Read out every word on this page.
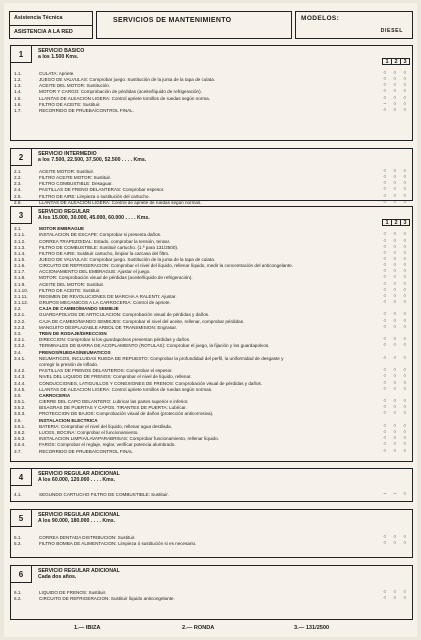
Asistencia Técnica
ASISTENCIA A LA RED
SERVICIOS DE MANTENIMIENTO	MODELOS:
DIESEL
1	SERVICIO BASICO
a los 1.500 Kms.
1	2	3
1.1.	CULATA: Apriete.	○	○	○
1.2.	JUEGO DE VALVULAS: Comprobar juego. Sustitución de la junta de la tapa de culata.	○	○	○
1.3.	ACEITE DEL MOTOR: Sustitución.	○	○	○
1.4.	MOTOR Y CARGO: Comprobación de pérdidas (aceite/líquido de refrigeración).	○	○	○
1.5.	LLANTAS DE ALEACION LIGERA: Control apriete tornillos de ruedas según norma.	○	○	○
1.6.	FILTRO DE ACEITE: Sustituir.	–	○	○
1.7.	RECORRIDO DE PRUEBA/CONTROL FINAL.	○	○	○
2	SERVICIO INTERMEDIO
a los 7.500, 22.500, 37.500, 52.500 . . . . Kms.
2.1.	ACEITE MOTOR: Sustituir.	○	○	○
2.2.	FILTRO ACEITE MOTOR: Sustituir.	○	○	○
2.3.	FILTRO COMBUSTIBLE: Desaguar.	○	○	○
2.4.	PASTILLAS DE FRENO DELANTERAS: Comprobar espesor.	○	○	○
2.5.	FILTRO DE AIRE: Limpieza o sustitución del cartucho.	○	○	○
2.6.	LLANTAS DE ALEACIÓN LIGERA: Control de apriete de ruedas según normas.	○	○	○
3	SERVICIO REGULAR
A los 15.000, 30.000, 45.000, 60.000 . . . . Kms.
1	2	3
3.1.	MOTOR EMBRAGUE
3.1.1.	INSTALACION DE ESCAPE: Comprobar si presenta daños.	○	○	○
3.1.2.	CORREA TRAPEZOIDAL: Estado, comprobar la tensión, tensar.	○	○	○
3.1.3.	FILTRO DE COMBUSTIBLE: Sustituir cartucho. (1.ª para 131/2500).	○	○	○
3.1.4.	FILTRO DE AIRE: Sustituir cartucho, limpiar la carcasa del filtro.	○	○	○
3.1.5.	JUEGO DE VALVULAS: Comprobar juego. Sustitución de la junta de la tapa de culata.	○	○	○
3.1.6.	CIRCUITO DE REFRIGERACION: Comprobar el nivel del líquido, rellenar líquido, medir la concentración del anticongelante.	○	○	○
3.1.7.	ACCIONAMIENTO DEL EMBRAGUE: Ajustar el juego.	○	○	○
3.1.8.	MOTOR: Comprobación visual de pérdidas (aceite/líquido de refrigeración).	○	○	○
3.1.9.	ACEITE DEL MOTOR: Sustituir.	○	○	○
3.1.10.	FILTRO DE ACEITE: Sustituir.	○	○	○
3.1.11.	REGIMEN DE REVOLUCIONES DE MARCHA A RALENTI: Ajustar.	○	○	○
3.1.12.	GRUPOS MECANICOS A LA CARROCERIA: Control de apriete.	○	○	○
3.2.	CAJA DE CAMBIO/MANDO SEMIEJE
3.2.1.	GUARDAPOLVOS DE ARTICULACION: Comprobación visual de pérdidas y daños.	○	○	○
3.2.2.	CAJA DE CAMBIO/MANDO SEMIEJES: Comprobar el nivel del aceite, rellenar, comprobar pérdidas.	○	○	○
3.2.3.	MANGUITO DESPLAZABLE ARBOL DE TRANSMISION: Engrasar.	○	○	○
3.3.	TREN DE RODAJE/DIRECCION
3.3.1.	DIRECCION: Comprobar si los guardapolvos presentan pérdidas y daños.	○	○	○
3.3.2.	TERMINALES DE BARRA DE ACOPLAMIENTO (ROTULAS): Comprobar el juego, la fijación y los guardapolvos.	○	○	○
3.4.	FRENOS/RUEDAS/NEUMATICOS
3.4.1.	NEUMATICOS, INCLUIDAS RUEDA DE REPUESTO: Comprobar la profundidad del perfil, la uniformidad de desgaste y	○	○	○
corregir la presión de inflado.
3.4.2.	PASTILLAS DE FRENOS DELANTEROS: Comprobar el espesor.	○	○	○
3.4.3.	NIVEL DEL LIQUIDO DE FRENOS: Comprobar el nivel de líquido, rellenar.	○	○	○
3.4.4.	CONDUCCIONES, LATIGUILLOS Y CONEXIONES DE FRENOS: Comprobación visual de pérdidas y daños.	○	○	○
3.4.5.	LLANTAS DE ALEACION LIGERA: Control apriete tornillos de ruedas según normas.	○	○	○
3.5.	CARROCERIA
3.5.1.	CIERRE DEL CAPO DELANTERO: Lubricar las partes superior e inferior.	○	○	○
3.5.2.	BISAGRAS DE PUERTAS Y CAPOS. TIRANTES DE PUERTA: Lubricar.	○	○	○
3.5.3.	PROTECCION DE BAJOS: Comprobación visual de daños (protección anticorrosiva).	○	○	○
3.6.	INSTALACION ELECTRICA
3.6.1.	BATERIA: Comprobar el nivel del líquido, rellenar agua destilada.	○	○	○
3.6.2.	LUCES, BOCINA: Comprobar el funcionamiento.	○	○	○
3.6.3.	INSTALACION LIMPIA/LAVAPARABRISAS: Comprobar funcionamiento, rellenar líquido.	○	○	○
3.6.4.	FAROS: Comprobar el reglaje, reglar, verificar potencia alumbrado.	○	○	○
3.7.	RECORRIDO DE PRUEBA/CONTROL FINAL	○	○	○
4	SERVICIO REGULAR ADICIONAL
A los 60.000, 120.000 . . . . Kms.
4.1.	SEGUNDO CARTUCHO FILTRO DE COMBUSTIBLE: Sustituir.	–	–	○
5	SERVICIO REGULAR ADICIONAL
A los 90.000, 180.000 . . . . Kms.
5.1.	CORREA DENTADA DISTRIBUCION: Sustituir.	○	○	○
5.2.	FILTRO BOMBA DE ALIMENTACION: Limpieza ó sustitución si es necesario.	○	○	○
6	SERVICIO REGULAR ADICIONAL
Cada dos años.
6.1.	LIQUIDO DE FRENOS: Sustituir.	○	○	○
6.2.	CIRCUITO DE REFRIGERACION: Sustituir líquido anticongelante.	○	○	○
1.— IBIZA	2.— RONDA	3.— 131/2500
